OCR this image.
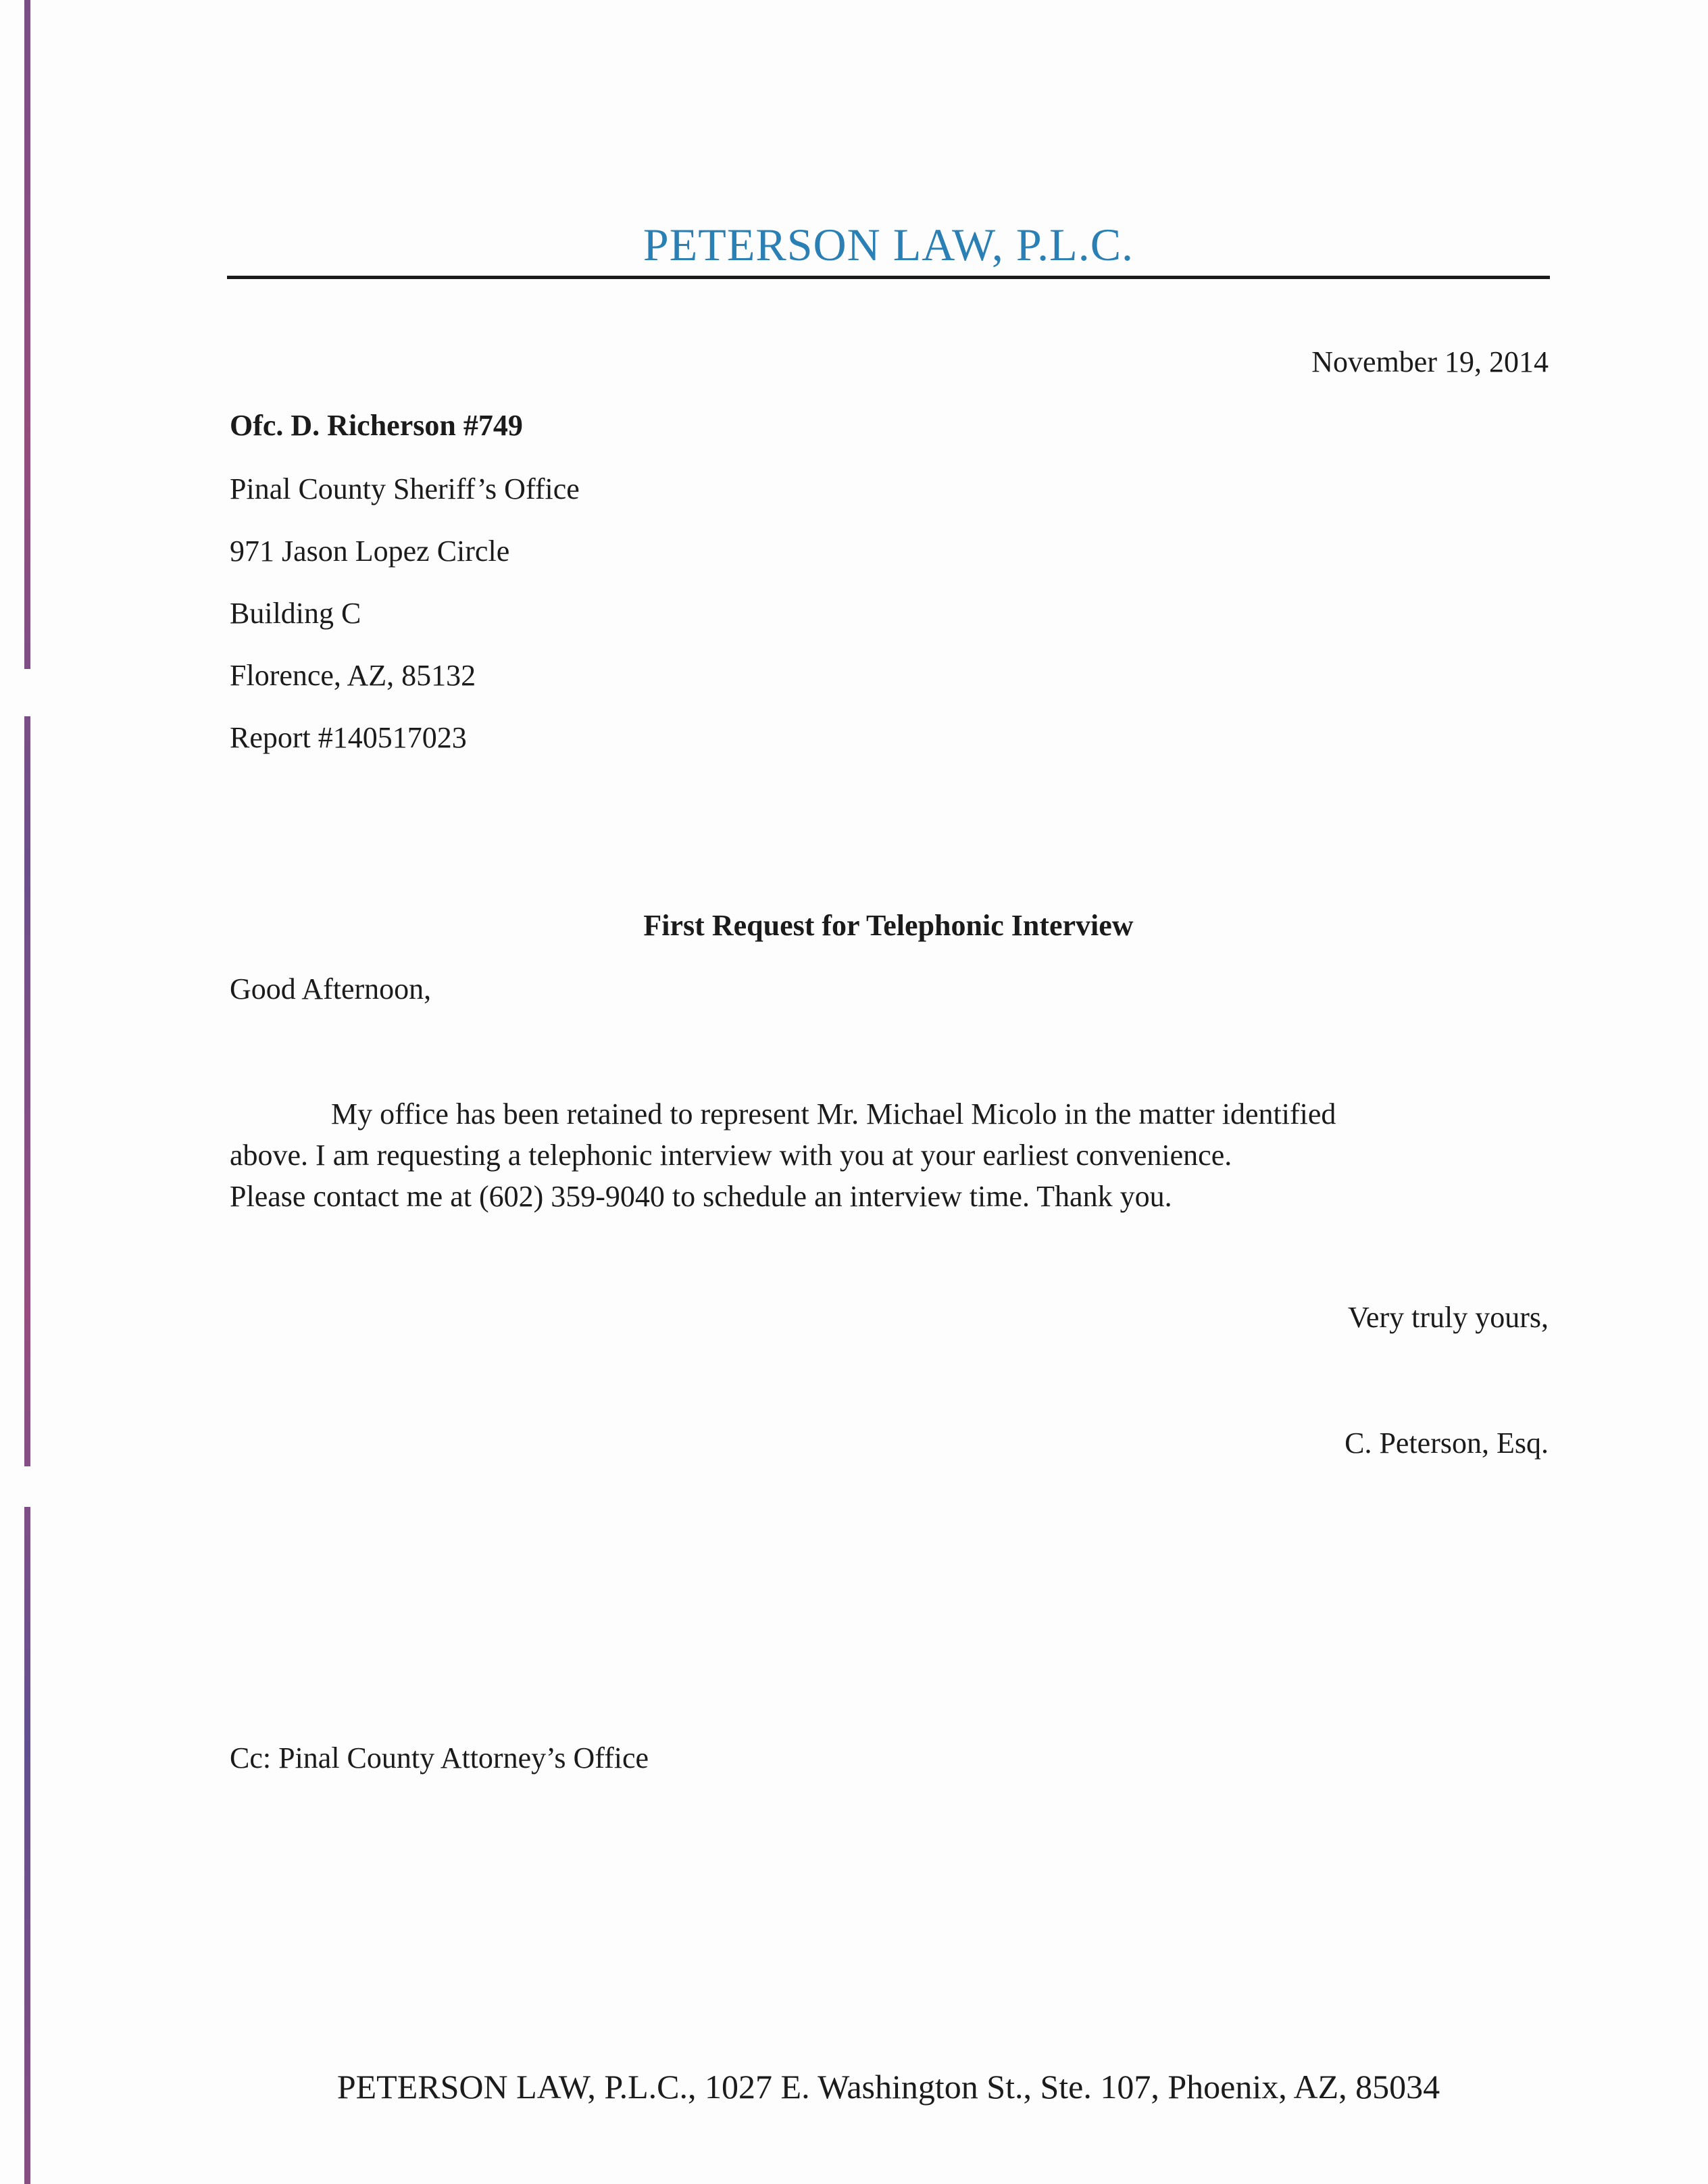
PETERSON LAW, P.L.C.
November 19, 2014
Ofc. D. Richerson #749
Pinal County Sheriff’s Office
971 Jason Lopez Circle
Building C
Florence, AZ, 85132
Report #140517023
First Request for Telephonic Interview
Good Afternoon,
My office has been retained to represent Mr. Michael Micolo in the matter identified
above. I am requesting a telephonic interview with you at your earliest convenience.
Please contact me at (602) 359-9040 to schedule an interview time. Thank you.
Very truly yours,
C. Peterson, Esq.
Cc: Pinal County Attorney’s Office
PETERSON LAW, P.L.C., 1027 E. Washington St., Ste. 107, Phoenix, AZ, 85034
